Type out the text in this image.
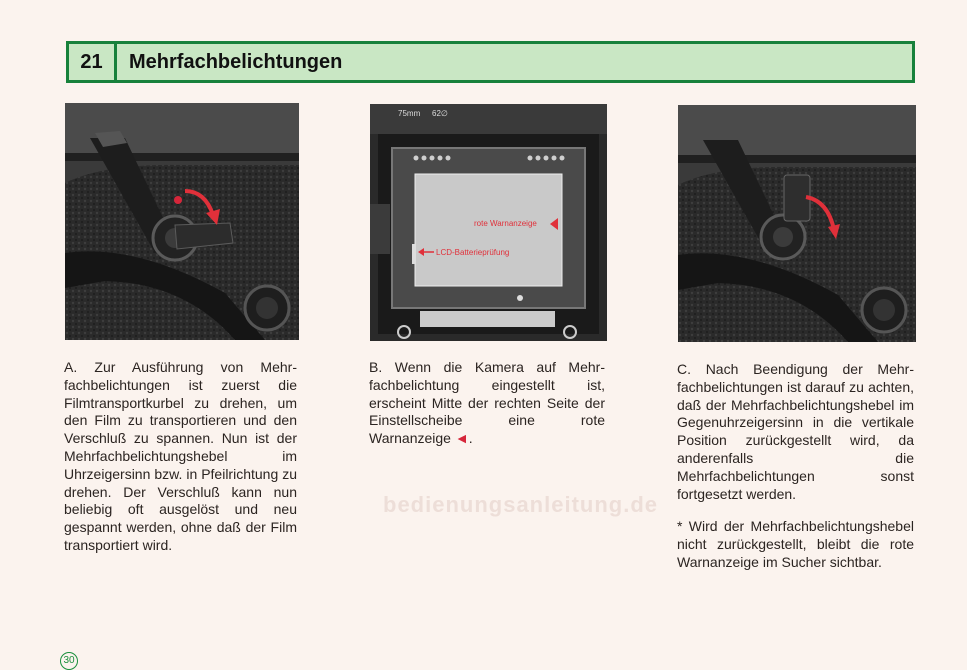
21	Mehrfachbelichtungen
75mm 62∅
rote Warnanzeige
LCD-Batterieprüfung

A. Zur Ausführung von Mehrfachbelichtungen ist zuerst die Filmtransportkurbel zu drehen, um den Film zu transportieren und den Verschluß zu spannen. Nun ist der Mehrfachbelichtungshebel im Uhrzeigersinn bzw. in Pfeilrichtung zu drehen. Der Verschluß kann nun beliebig oft ausgelöst und neu gespannt werden, ohne daß der Film transportiert wird.

B. Wenn die Kamera auf Mehrfachbelichtung eingestellt ist, erscheint Mitte der rechten Seite der Einstellscheibe eine rote Warnanzeige ◄.

C. Nach Beendigung der Mehrfachbelichtungen ist darauf zu achten, daß der Mehrfachbelichtungshebel im Gegenuhrzeigersinn in die vertikale Position zurückgestellt wird, da anderenfalls die Mehrfachbelichtungen sonst fortgesetzt werden.

* Wird der Mehrfachbelichtungshebel nicht zurückgestellt, bleibt die rote Warnanzeige im Sucher sichtbar.

bedienungsanleitung.de
30
